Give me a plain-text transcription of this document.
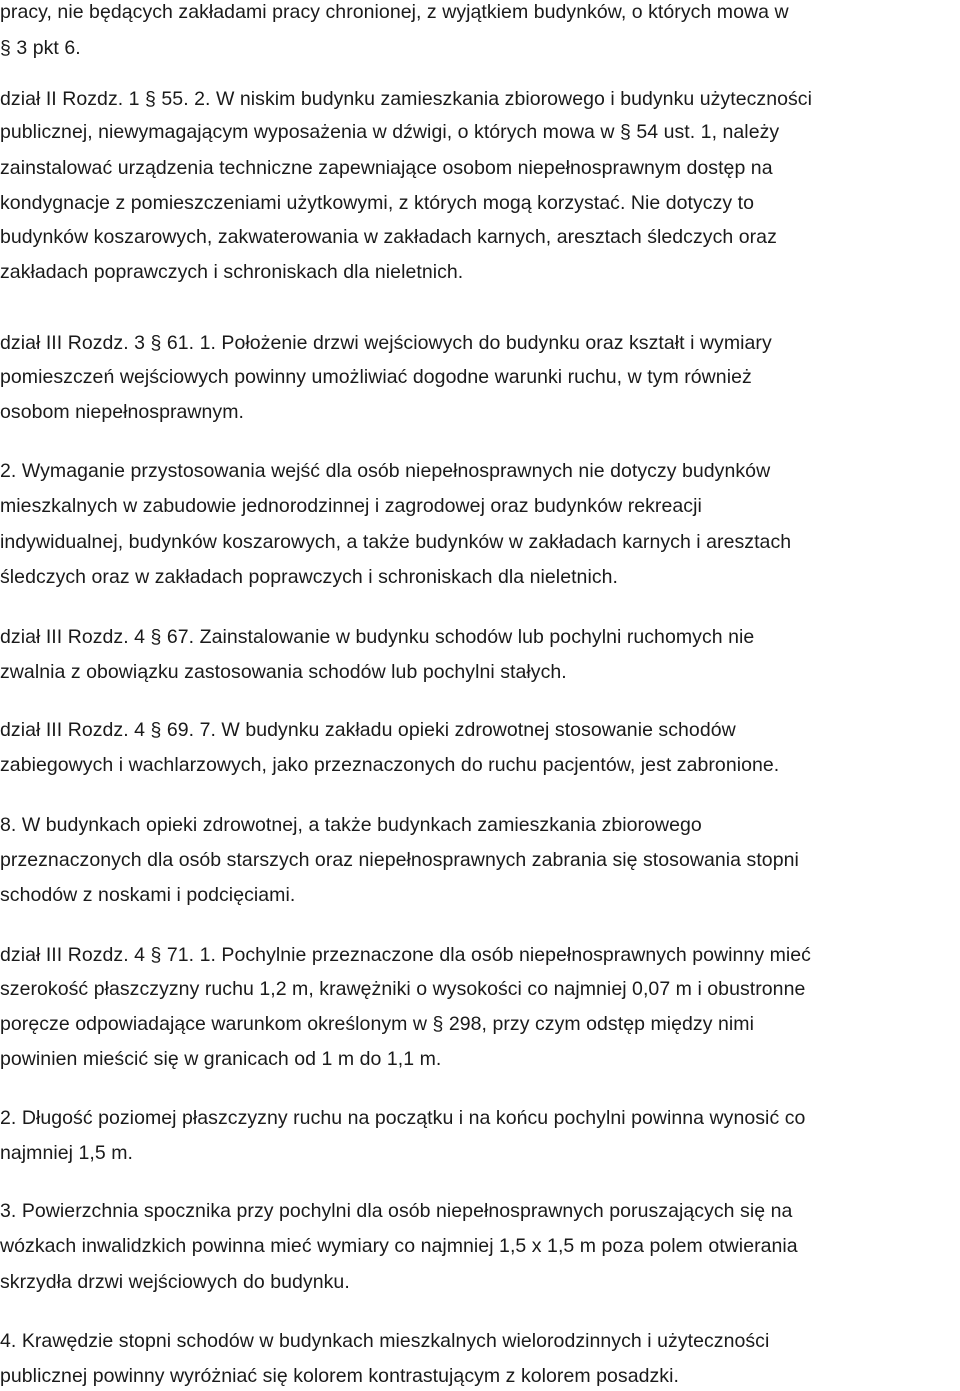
pracy, nie będących zakładami pracy chronionej, z wyjątkiem budynków, o których mowa w
§ 3 pkt 6.
dział II Rozdz. 1 § 55. 2. W niskim budynku zamieszkania zbiorowego i budynku użyteczności
publicznej, niewymagającym wyposażenia w dźwigi, o których mowa w § 54 ust. 1, należy
zainstalować urządzenia techniczne zapewniające osobom niepełnosprawnym dostęp na
kondygnacje z pomieszczeniami użytkowymi, z których mogą korzystać. Nie dotyczy to
budynków koszarowych, zakwaterowania w zakładach karnych, aresztach śledczych oraz
zakładach poprawczych i schroniskach dla nieletnich.
dział III Rozdz. 3 § 61. 1. Położenie drzwi wejściowych do budynku oraz kształt i wymiary
pomieszczeń wejściowych powinny umożliwiać dogodne warunki ruchu, w tym również
osobom niepełnosprawnym.
2. Wymaganie przystosowania wejść dla osób niepełnosprawnych nie dotyczy budynków
mieszkalnych w zabudowie jednorodzinnej i zagrodowej oraz budynków rekreacji
indywidualnej, budynków koszarowych, a także budynków w zakładach karnych i aresztach
śledczych oraz w zakładach poprawczych i schroniskach dla nieletnich.
dział III Rozdz. 4 § 67. Zainstalowanie w budynku schodów lub pochylni ruchomych nie
zwalnia z obowiązku zastosowania schodów lub pochylni stałych.
dział III Rozdz. 4 § 69. 7. W budynku zakładu opieki zdrowotnej stosowanie schodów
zabiegowych i wachlarzowych, jako przeznaczonych do ruchu pacjentów, jest zabronione.
8. W budynkach opieki zdrowotnej, a także budynkach zamieszkania zbiorowego
przeznaczonych dla osób starszych oraz niepełnosprawnych zabrania się stosowania stopni
schodów z noskami i podcięciami.
dział III Rozdz. 4 § 71. 1. Pochylnie przeznaczone dla osób niepełnosprawnych powinny mieć
szerokość płaszczyzny ruchu 1,2 m, krawężniki o wysokości co najmniej 0,07 m i obustronne
poręcze odpowiadające warunkom określonym w § 298, przy czym odstęp między nimi
powinien mieścić się w granicach od 1 m do 1,1 m.
2. Długość poziomej płaszczyzny ruchu na początku i na końcu pochylni powinna wynosić co
najmniej 1,5 m.
3. Powierzchnia spocznika przy pochylni dla osób niepełnosprawnych poruszających się na
wózkach inwalidzkich powinna mieć wymiary co najmniej 1,5 x 1,5 m poza polem otwierania
skrzydła drzwi wejściowych do budynku.
4. Krawędzie stopni schodów w budynkach mieszkalnych wielorodzinnych i użyteczności
publicznej powinny wyróżniać się kolorem kontrastującym z kolorem posadzki.
